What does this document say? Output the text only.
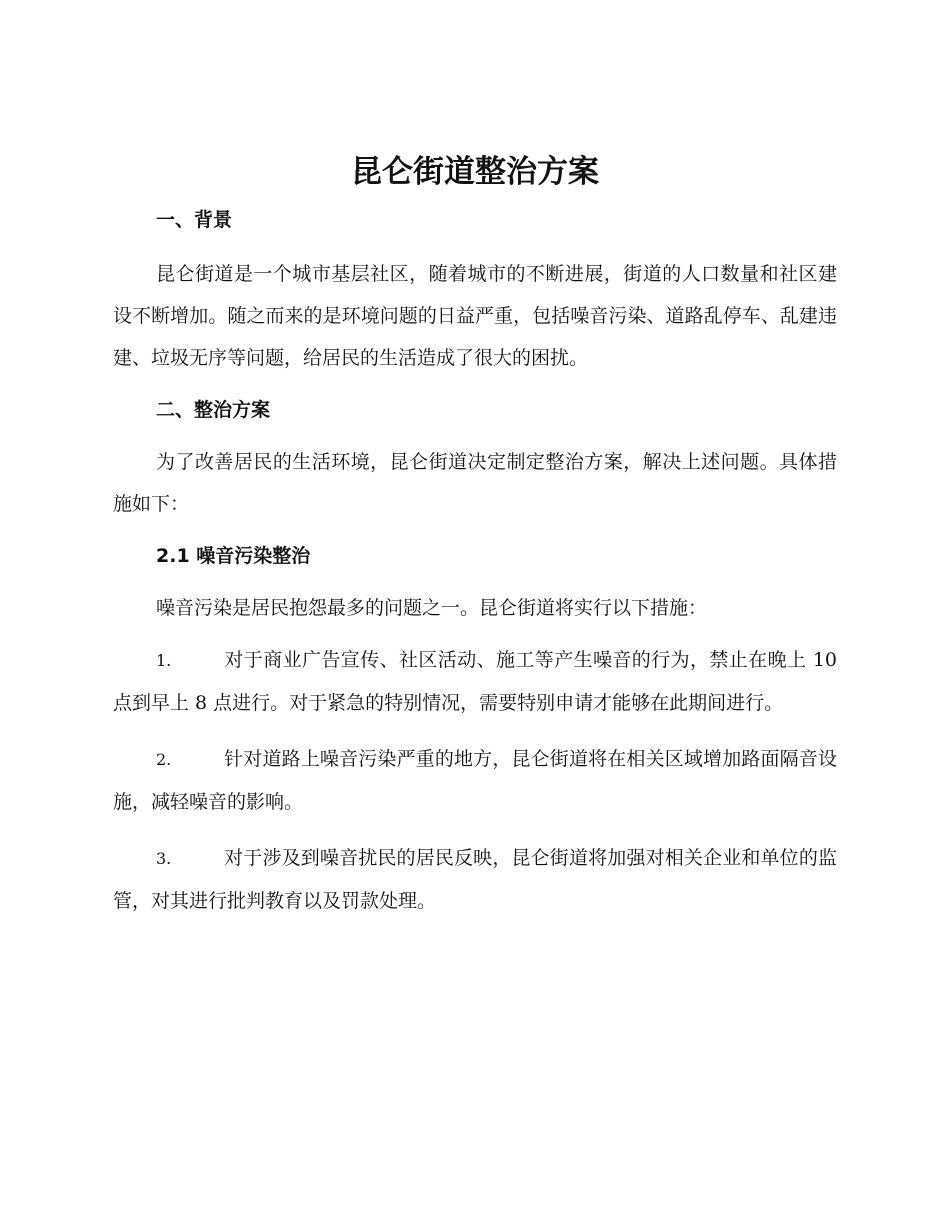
昆仑街道整治方案
一、背景

昆仑街道是一个城市基层社区，随着城市的不断进展，街道的人口数量和社区建设不断增加。随之而来的是环境问题的日益严重，包括噪音污染、道路乱停车、乱建违建、垃圾无序等问题，给居民的生活造成了很大的困扰。

二、整治方案

为了改善居民的生活环境，昆仑街道决定制定整治方案，解决上述问题。具体措施如下：

2.1 噪音污染整治

噪音污染是居民抱怨最多的问题之一。昆仑街道将实行以下措施：

1.	对于商业广告宣传、社区活动、施工等产生噪音的行为，禁止在晚上 10 点到早上 8 点进行。对于紧急的特别情况，需要特别申请才能够在此期间进行。

2.	针对道路上噪音污染严重的地方，昆仑街道将在相关区域增加路面隔音设施，减轻噪音的影响。

3.	对于涉及到噪音扰民的居民反映，昆仑街道将加强对相关企业和单位的监管，对其进行批判教育以及罚款处理。
